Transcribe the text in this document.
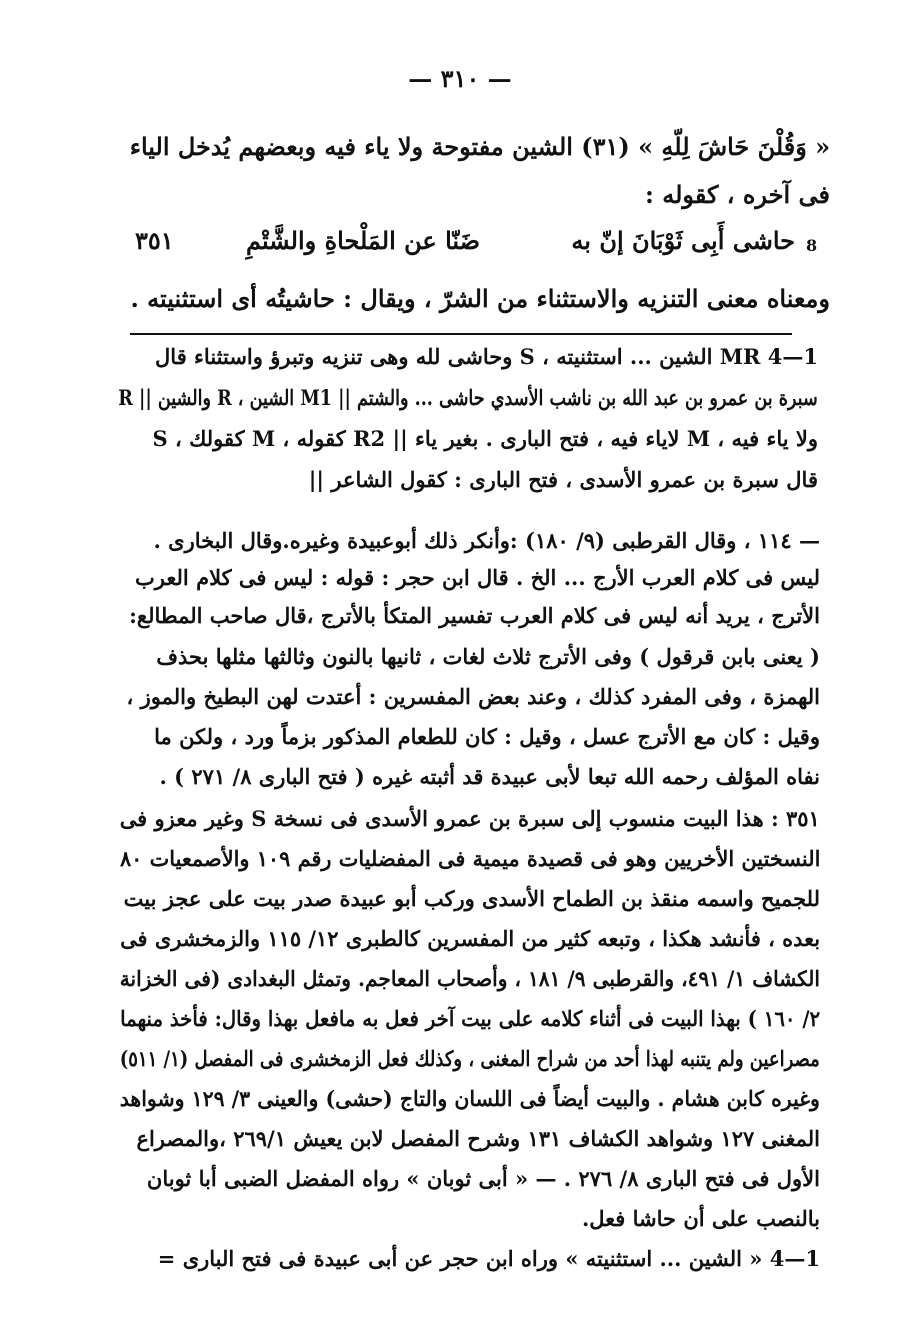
— ٣١٠ —
« وَقُلْنَ حَاشَ لِلّهِ » (٣١) الشين مفتوحة ولا ياء فيه وبعضهم يُدخل الياء
فى آخره ، كقوله :
8
حاشى أَبِى ثَوْبَانَ إنّ به
ضَنّا عن المَلْحاةِ والشَّتْمِ
٣٥١
ومعناه معنى التنزيه والاستثناء من الشرّ ، ويقال : حاشيتُه أى استثنيته .
MR 4—1 الشين ... استثنيته ، S وحاشى لله وهى تنزيه وتبرؤ واستثناء قال
سبرة بن عمرو بن عبد الله بن ناشب الأسدي حاشى ... والشتم || M1 الشين ، R والشين || R
ولا ياء فيه ، M لاياء فيه ، فتح البارى . بغير ياء || R2 كقوله ، M كقولك ، S
قال سبرة بن عمرو الأسدى ، فتح البارى : كقول الشاعر ||
— ١١٤ ، وقال القرطبى (٩/ ١٨٠) :وأنكر ذلك أبوعبيدة وغيره.وقال البخارى .
ليس فى كلام العرب الأرج ... الخ . قال ابن حجر : قوله : ليس فى كلام العرب
الأترج ، يريد أنه ليس فى كلام العرب تفسير المتكأ بالأترج ،قال صاحب المطالع:
( يعنى بابن قرقول ) وفى الأترج ثلاث لغات ، ثانيها بالنون وثالثها مثلها بحذف
الهمزة ، وفى المفرد كذلك ، وعند بعض المفسرين : أعتدت لهن البطيخ والموز ،
وقيل : كان مع الأترج عسل ، وقيل : كان للطعام المذكور بزماً ورد ، ولكن ما
نفاه المؤلف رحمه الله تبعا لأبى عبيدة قد أثبته غيره ( فتح البارى ٨/ ٢٧١ ) .
٣٥١ : هذا البيت منسوب إلى سبرة بن عمرو الأسدى فى نسخة S وغير معزو فى
النسختين الأخريين وهو فى قصيدة ميمية فى المفضليات رقم ١٠٩ والأصمعيات ٨٠
للجميح واسمه منقذ بن الطماح الأسدى وركب أبو عبيدة صدر بيت على عجز بيت
بعده ، فأنشد هكذا ، وتبعه كثير من المفسرين كالطبرى ١٢/ ١١٥ والزمخشرى فى
الكشاف ١/ ٤٩١، والقرطبى ٩/ ١٨١ ، وأصحاب المعاجم. وتمثل البغدادى (فى الخزانة
٢/ ١٦٠ ) بهذا البيت فى أثناء كلامه على بيت آخر فعل به مافعل بهذا وقال: فأخذ منهما
مصراعين ولم يتنبه لهذا أحد من شراح المغنى ، وكذلك فعل الزمخشرى فى المفصل (١/ ٥١١)
وغيره كابن هشام . والبيت أيضاً فى اللسان والتاج (حشى) والعينى ٣/ ١٢٩ وشواهد
المغنى ١٢٧ وشواهد الكشاف ١٣١ وشرح المفصل لابن يعيش ٢٦٩/١ ،والمصراع
الأول فى فتح البارى ٨/ ٢٧٦ . — « أبى ثوبان » رواه المفضل الضبى أبا ثوبان
بالنصب على أن حاشا فعل.
1—4 « الشين ... استثنيته » وراه ابن حجر عن أبى عبيدة فى فتح البارى =
